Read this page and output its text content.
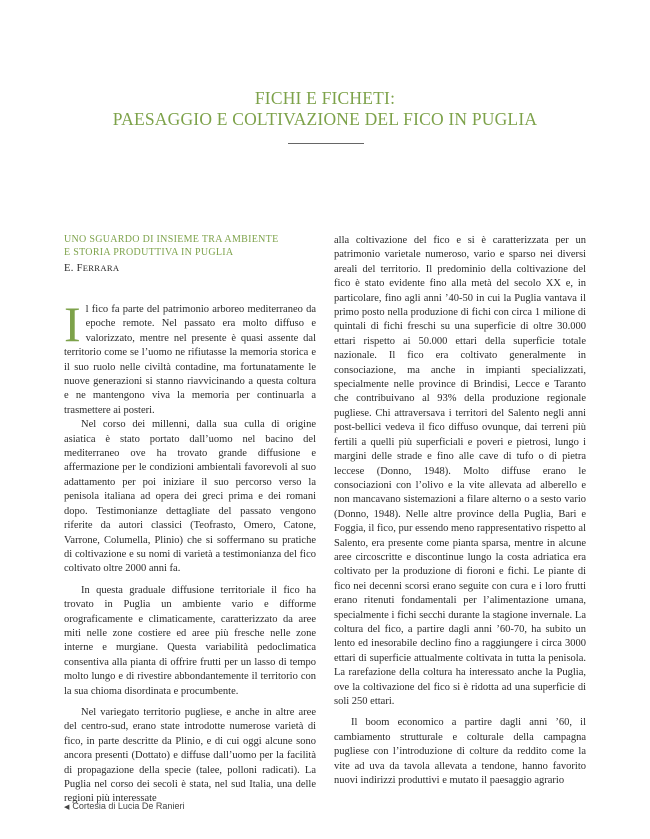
FICHI E FICHETI:
PAESAGGIO E COLTIVAZIONE DEL FICO IN PUGLIA
UNO SGUARDO DI INSIEME TRA AMBIENTE
E STORIA PRODUTTIVA IN PUGLIA
E. FERRARA

Il fico fa parte del patrimonio arboreo mediterraneo da epoche remote. Nel passato era molto diffuso e valorizzato, mentre nel presente è quasi assente dal territorio come se l’uomo ne rifiutasse la memoria storica e il suo ruolo nelle civiltà contadine, ma fortunatamente le nuove generazioni si stanno riavvicinando a questa coltura e ne mantengono viva la memoria per continuarla a trasmettere ai posteri.

Nel corso dei millenni, dalla sua culla di origine asiatica è stato portato dall’uomo nel bacino del mediterraneo ove ha trovato grande diffusione e affermazione per le condizioni ambientali favorevoli al suo adattamento per poi iniziare il suo percorso verso la penisola italiana ad opera dei greci prima e dei romani dopo. Testimonianze dettagliate del passato vengono riferite da autori classici (Teofrasto, Omero, Catone, Varrone, Columella, Plinio) che si soffermano su pratiche di coltivazione e su nomi di varietà a testimonianza del fico coltivato oltre 2000 anni fa.

In questa graduale diffusione territoriale il fico ha trovato in Puglia un ambiente vario e difforme orograficamente e climaticamente, caratterizzato da aree miti nelle zone costiere ed aree più fresche nelle zone interne e murgiane. Questa variabilità pedoclimatica consentiva alla pianta di offrire frutti per un lasso di tempo molto lungo e di rivestire abbondantemente il territorio con la sua chioma disordinata e procumbente.

Nel variegato territorio pugliese, e anche in altre aree del centro-sud, erano state introdotte numerose varietà di fico, in parte descritte da Plinio, e di cui oggi alcune sono ancora presenti (Dottato) e diffuse dall’uomo per la facilità di propagazione della specie (talee, polloni radicati). La Puglia nel corso dei secoli è stata, nel sud Italia, una delle regioni più interessate

alla coltivazione del fico e si è caratterizzata per un patrimonio varietale numeroso, vario e sparso nei diversi areali del territorio. Il predominio della coltivazione del fico è stato evidente fino alla metà del secolo XX e, in particolare, fino agli anni ’40-50 in cui la Puglia vantava il primo posto nella produzione di fichi con circa 1 milione di quintali di fichi freschi su una superficie di oltre 30.000 ettari rispetto ai 50.000 ettari della superficie totale nazionale. Il fico era coltivato generalmente in consociazione, ma anche in impianti specializzati, specialmente nelle province di Brindisi, Lecce e Taranto che contribuivano al 93% della produzione regionale pugliese. Chi attraversava i territori del Salento negli anni post-bellici vedeva il fico diffuso ovunque, dai terreni più fertili a quelli più superficiali e poveri e pietrosi, lungo i margini delle strade e fino alle cave di tufo o di pietra leccese (Donno, 1948). Molto diffuse erano le consociazioni con l’olivo e la vite allevata ad alberello e non mancavano sistemazioni a filare alterno o a sesto vario (Donno, 1948). Nelle altre province della Puglia, Bari e Foggia, il fico, pur essendo meno rappresentativo rispetto al Salento, era presente come pianta sparsa, mentre in alcune aree circoscritte e discontinue lungo la costa adriatica era coltivato per la produzione di fioroni e fichi. Le piante di fico nei decenni scorsi erano seguite con cura e i loro frutti erano ritenuti fondamentali per l’alimentazione umana, specialmente i fichi secchi durante la stagione invernale. La coltura del fico, a partire dagli anni ’60-70, ha subito un lento ed inesorabile declino fino a raggiungere i circa 3000 ettari di superficie attualmente coltivata in tutta la penisola. La rarefazione della coltura ha interessato anche la Puglia, ove la coltivazione del fico si è ridotta ad una superficie di soli 250 ettari.

Il boom economico a partire dagli anni ’60, il cambiamento strutturale e colturale della campagna pugliese con l’introduzione di colture da reddito come la vite ad uva da tavola allevata a tendone, hanno favorito nuovi indirizzi produttivi e mutato il paesaggio agrario

◀ Cortesia di Lucia De Ranieri
